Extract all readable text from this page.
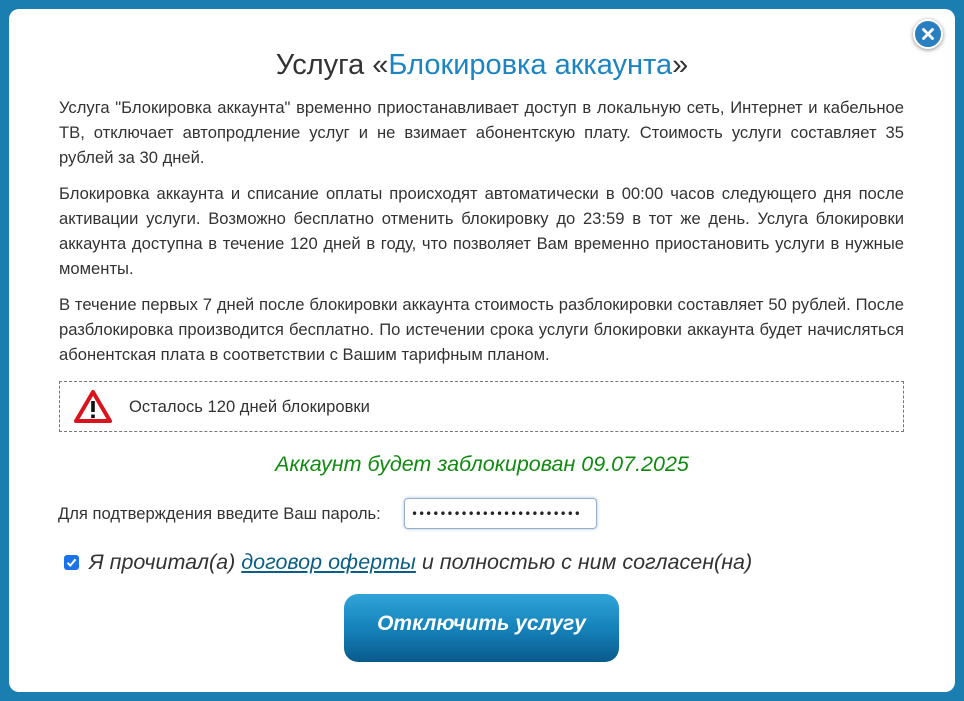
Услуга «Блокировка аккаунта»

Услуга "Блокировка аккаунта" временно приостанавливает доступ в локальную сеть, Интернет и кабельное ТВ, отключает автопродление услуг и не взимает абонентскую плату. Стоимость услуги составляет 35 рублей за 30 дней.

Блокировка аккаунта и списание оплаты происходят автоматически в 00:00 часов следующего дня после активации услуги. Возможно бесплатно отменить блокировку до 23:59 в тот же день. Услуга блокировки аккаунта доступна в течение 120 дней в году, что позволяет Вам временно приостановить услуги в нужные моменты.

В течение первых 7 дней после блокировки аккаунта стоимость разблокировки составляет 50 рублей. После разблокировка производится бесплатно. По истечении срока услуги блокировки аккаунта будет начисляться абонентская плата в соответствии с Вашим тарифным планом.

Осталось 120 дней блокировки
Аккаунт будет заблокирован 09.07.2025
Для подтверждения введите Ваш пароль:
••••••••••••••••••••••••
Я прочитал(а) договор оферты и полностью с ним согласен(на)
Отключить услугу
